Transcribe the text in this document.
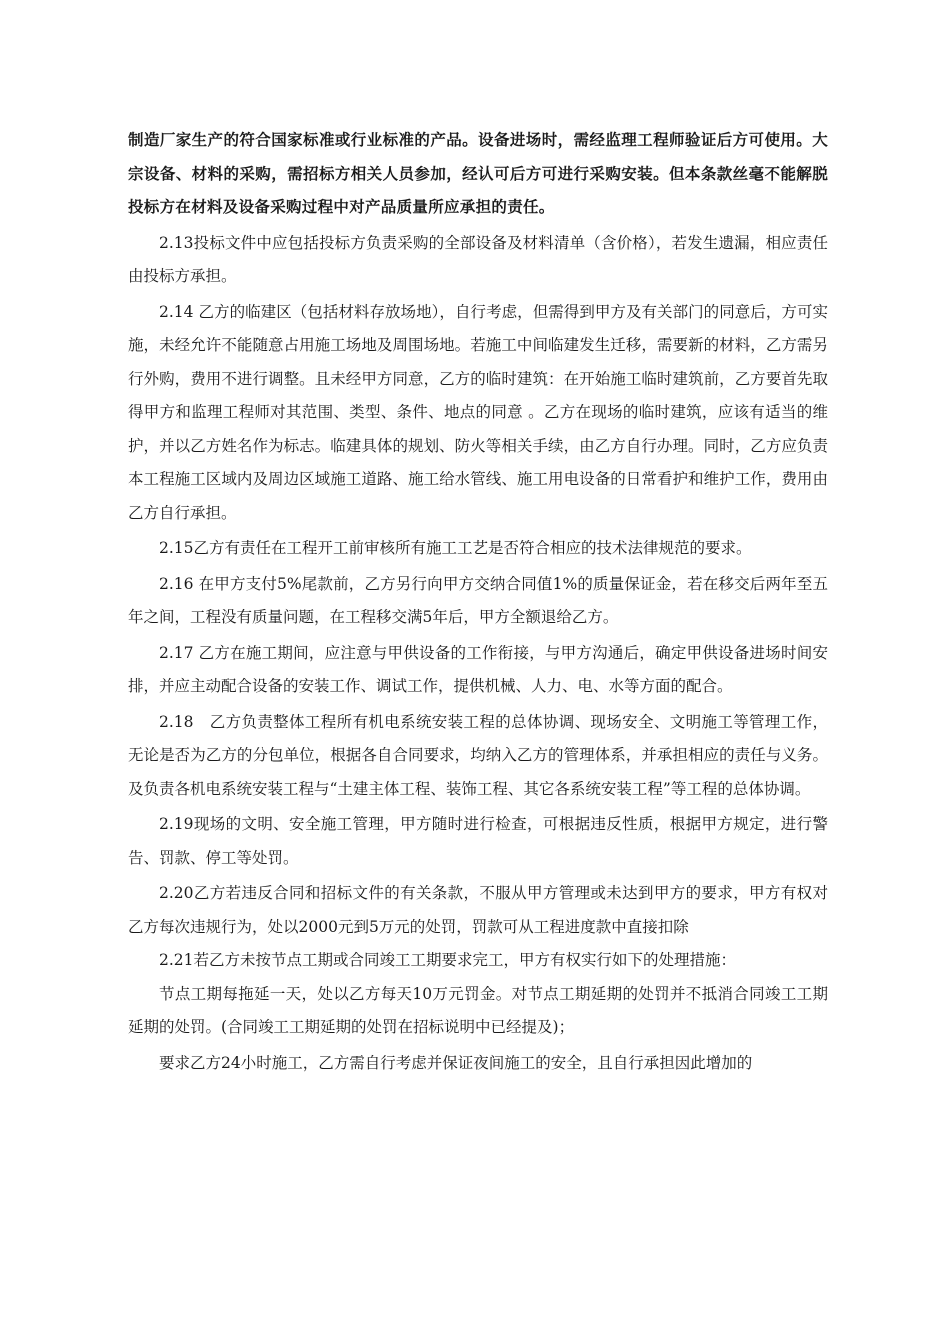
制造厂家生产的符合国家标准或行业标准的产品。设备进场时，需经监理工程师验证后方可使用。大宗设备、材料的采购，需招标方相关人员参加，经认可后方可进行采购安装。但本条款丝毫不能解脱投标方在材料及设备采购过程中对产品质量所应承担的责任。

2.13投标文件中应包括投标方负责采购的全部设备及材料清单（含价格），若发生遗漏，相应责任由投标方承担。

2.14 乙方的临建区（包括材料存放场地），自行考虑，但需得到甲方及有关部门的同意后，方可实施，未经允许不能随意占用施工场地及周围场地。若施工中间临建发生迁移，需要新的材料，乙方需另行外购，费用不进行调整。且未经甲方同意，乙方的临时建筑：在开始施工临时建筑前，乙方要首先取得甲方和监理工程师对其范围、类型、条件、地点的同意 。乙方在现场的临时建筑，应该有适当的维护，并以乙方姓名作为标志。临建具体的规划、防火等相关手续，由乙方自行办理。同时，乙方应负责本工程施工区域内及周边区域施工道路、施工给水管线、施工用电设备的日常看护和维护工作，费用由乙方自行承担。

2.15乙方有责任在工程开工前审核所有施工工艺是否符合相应的技术法律规范的要求。

2.16 在甲方支付5%尾款前，乙方另行向甲方交纳合同值1%的质量保证金，若在移交后两年至五年之间，工程没有质量问题，在工程移交满5年后，甲方全额退给乙方。

2.17 乙方在施工期间，应注意与甲供设备的工作衔接，与甲方沟通后，确定甲供设备进场时间安排，并应主动配合设备的安装工作、调试工作，提供机械、人力、电、水等方面的配合。

2.18　乙方负责整体工程所有机电系统安装工程的总体协调、现场安全、文明施工等管理工作，无论是否为乙方的分包单位，根据各自合同要求，均纳入乙方的管理体系，并承担相应的责任与义务。及负责各机电系统安装工程与“土建主体工程、装饰工程、其它各系统安装工程”等工程的总体协调。

2.19现场的文明、安全施工管理，甲方随时进行检查，可根据违反性质，根据甲方规定，进行警告、罚款、停工等处罚。

2.20乙方若违反合同和招标文件的有关条款，不服从甲方管理或未达到甲方的要求，甲方有权对乙方每次违规行为，处以2000元到5万元的处罚，罚款可从工程进度款中直接扣除

2.21若乙方未按节点工期或合同竣工工期要求完工，甲方有权实行如下的处理措施：

节点工期每拖延一天，处以乙方每天10万元罚金。对节点工期延期的处罚并不抵消合同竣工工期延期的处罚。(合同竣工工期延期的处罚在招标说明中已经提及)；

要求乙方24小时施工，乙方需自行考虑并保证夜间施工的安全，且自行承担因此增加的
